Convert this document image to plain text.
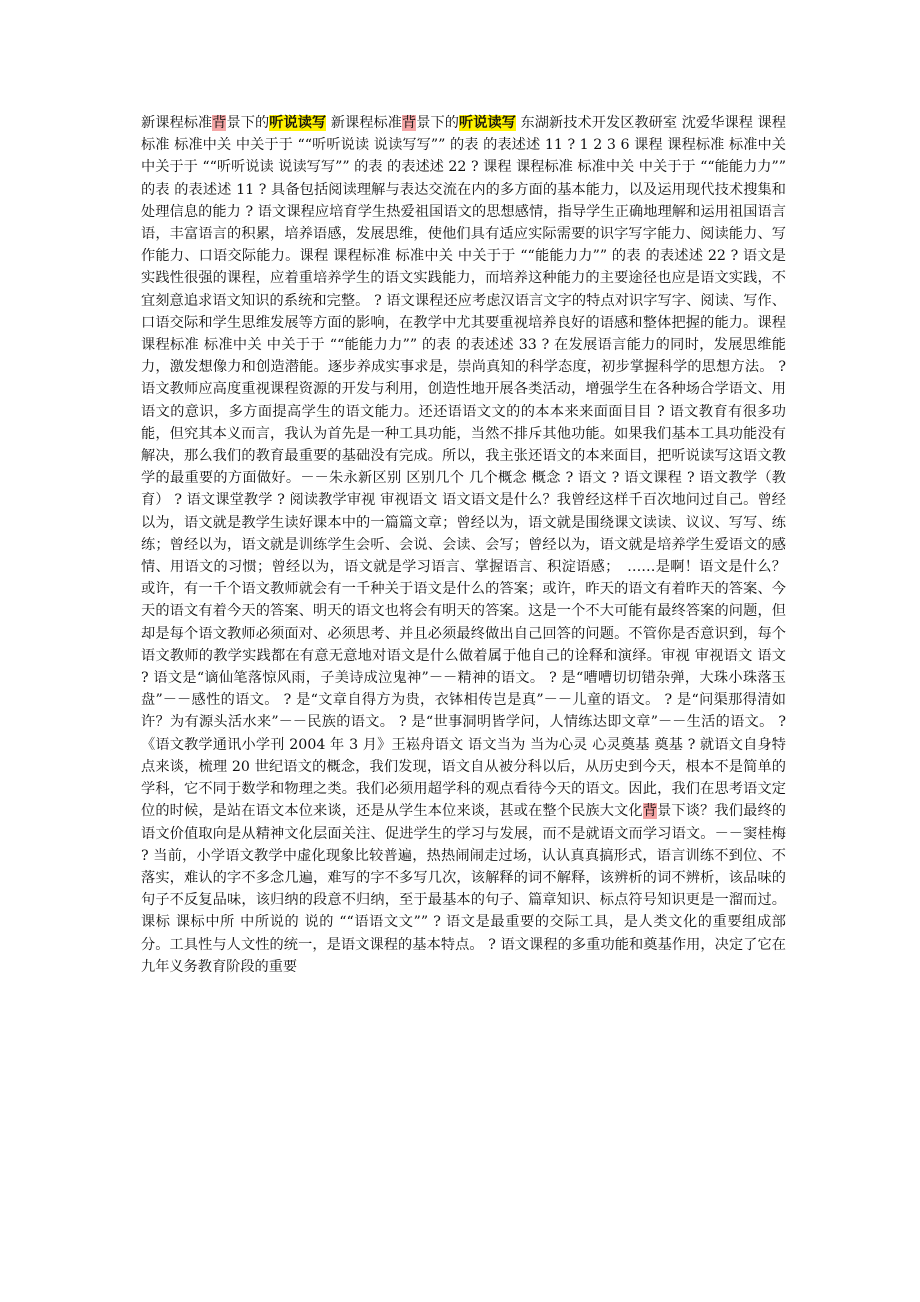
新课程标准背景下的听说读写 新课程标准背景下的听说读写 东湖新技术开发区教研室 沈爱华课程 课程标准 标准中关 中关于于 ““听听说读 说读写写”” 的表 的表述述 11 ? 1 2 3 6 课程 课程标准 标准中关 中关于于 ““听听说读 说读写写”” 的表 的表述述 22 ? 课程 课程标准 标准中关 中关于于 ““能能力力”” 的表 的表述述 11 ? 具备包括阅读理解与表达交流在内的多方面的基本能力，以及运用现代技术搜集和处理信息的能力 ? 语文课程应培育学生热爱祖国语文的思想感情，指导学生正确地理解和运用祖国语言语，丰富语言的积累，培养语感，发展思维，使他们具有适应实际需要的识字写字能力、阅读能力、写作能力、口语交际能力。课程 课程标准 标准中关 中关于于 ““能能力力”” 的表 的表述述 22 ? 语文是实践性很强的课程，应着重培养学生的语文实践能力，而培养这种能力的主要途径也应是语文实践，不宜刻意追求语文知识的系统和完整。 ? 语文课程还应考虑汉语言文字的特点对识字写字、阅读、写作、口语交际和学生思维发展等方面的影响，在教学中尤其要重视培养良好的语感和整体把握的能力。课程 课程标准 标准中关 中关于于 ““能能力力”” 的表 的表述述 33 ? 在发展语言能力的同时，发展思维能力，激发想像力和创造潜能。逐步养成实事求是，崇尚真知的科学态度，初步掌握科学的思想方法。 ? 语文教师应高度重视课程资源的开发与利用，创造性地开展各类活动，增强学生在各种场合学语文、用语文的意识，多方面提高学生的语文能力。还还语语文文的的本本来来面面目目 ? 语文教育有很多功能，但究其本义而言，我认为首先是一种工具功能，当然不排斥其他功能。如果我们基本工具功能没有解决，那么我们的教育最重要的基础没有完成。所以，我主张还语文的本来面目，把听说读写这语文教学的最重要的方面做好。－－朱永新区别 区别几个 几个概念 概念 ? 语文 ? 语文课程 ? 语文教学（教育） ? 语文课堂教学 ? 阅读教学审视 审视语文 语文语文是什么？我曾经这样千百次地问过自己。曾经以为，语文就是教学生读好课本中的一篇篇文章；曾经以为，语文就是围绕课文读读、议议、写写、练练；曾经以为，语文就是训练学生会听、会说、会读、会写；曾经以为，语文就是培养学生爱语文的感情、用语文的习惯；曾经以为，语文就是学习语言、掌握语言、积淀语感；　……是啊！语文是什么？或许，有一千个语文教师就会有一千种关于语文是什么的答案；或许，昨天的语文有着昨天的答案、今天的语文有着今天的答案、明天的语文也将会有明天的答案。这是一个不大可能有最终答案的问题，但却是每个语文教师必须面对、必须思考、并且必须最终做出自己回答的问题。不管你是否意识到，每个语文教师的教学实践都在有意无意地对语文是什么做着属于他自己的诠释和演绎。审视 审视语文 语文 ? 语文是“谪仙笔落惊风雨，子美诗成泣鬼神”－－精神的语文。 ? 是“嘈嘈切切错杂弹，大珠小珠落玉盘”－－感性的语文。 ? 是“文章自得方为贵，衣钵相传岂是真”－－儿童的语文。 ? 是“问渠那得清如许？为有源头活水来”－－民族的语文。 ? 是“世事洞明皆学问，人情练达即文章”－－生活的语文。 ? 《语文教学通讯小学刊 2004 年 3 月》王崧舟语文 语文当为 当为心灵 心灵奠基 奠基 ? 就语文自身特点来谈，梳理 20 世纪语文的概念，我们发现，语文自从被分科以后，从历史到今天，根本不是简单的学科，它不同于数学和物理之类。我们必须用超学科的观点看待今天的语文。因此，我们在思考语文定位的时候，是站在语文本位来谈，还是从学生本位来谈，甚或在整个民族大文化背景下谈？我们最终的语文价值取向是从精神文化层面关注、促进学生的学习与发展，而不是就语文而学习语文。－－窦桂梅 ? 当前，小学语文教学中虚化现象比较普遍，热热闹闹走过场，认认真真搞形式，语言训练不到位、不落实，难认的字不多念几遍，难写的字不多写几次，该解释的词不解释，该辨析的词不辨析，该品味的句子不反复品味，该归纳的段意不归纳，至于最基本的句子、篇章知识、标点符号知识更是一溜而过。课标 课标中所 中所说的 说的 ““语语文文”” ? 语文是最重要的交际工具，是人类文化的重要组成部分。工具性与人文性的统一，是语文课程的基本特点。 ? 语文课程的多重功能和奠基作用，决定了它在九年义务教育阶段的重要
